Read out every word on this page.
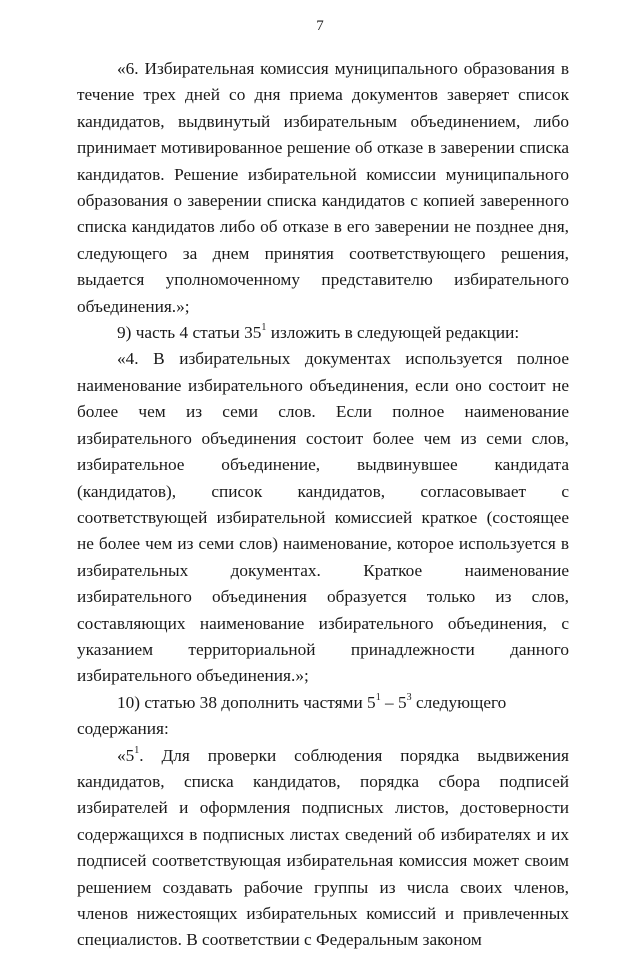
7

«6. Избирательная комиссия муниципального образования в течение трех дней со дня приема документов заверяет список кандидатов, выдвинутый избирательным объединением, либо принимает мотивированное решение об отказе в заверении списка кандидатов. Решение избирательной комиссии муниципального образования о заверении списка кандидатов с копией заверенного списка кандидатов либо об отказе в его заверении не позднее дня, следующего за днем принятия соответствующего решения, выдается уполномоченному представителю избирательного объединения.»;

9) часть 4 статьи $35^1$ изложить в следующей редакции:

«4. В избирательных документах используется полное наименование избирательного объединения, если оно состоит не более чем из семи слов. Если полное наименование избирательного объединения состоит более чем из семи слов, избирательное объединение, выдвинувшее кандидата (кандидатов), список кандидатов, согласовывает с соответствующей избирательной комиссией краткое (состоящее не более чем из семи слов) наименование, которое используется в избирательных документах. Краткое наименование избирательного объединения образуется только из слов, составляющих наименование избирательного объединения, с указанием территориальной принадлежности данного избирательного объединения.»;

10) статью 38 дополнить частями $5^1 - 5^3$ следующего содержания:

«$5^1$. Для проверки соблюдения порядка выдвижения кандидатов, списка кандидатов, порядка сбора подписей избирателей и оформления подписных листов, достоверности содержащихся в подписных листах сведений об избирателях и их подписей соответствующая избирательная комиссия может своим решением создавать рабочие группы из числа своих членов, членов нижестоящих избирательных комиссий и привлеченных специалистов. В соответствии с Федеральным законом
